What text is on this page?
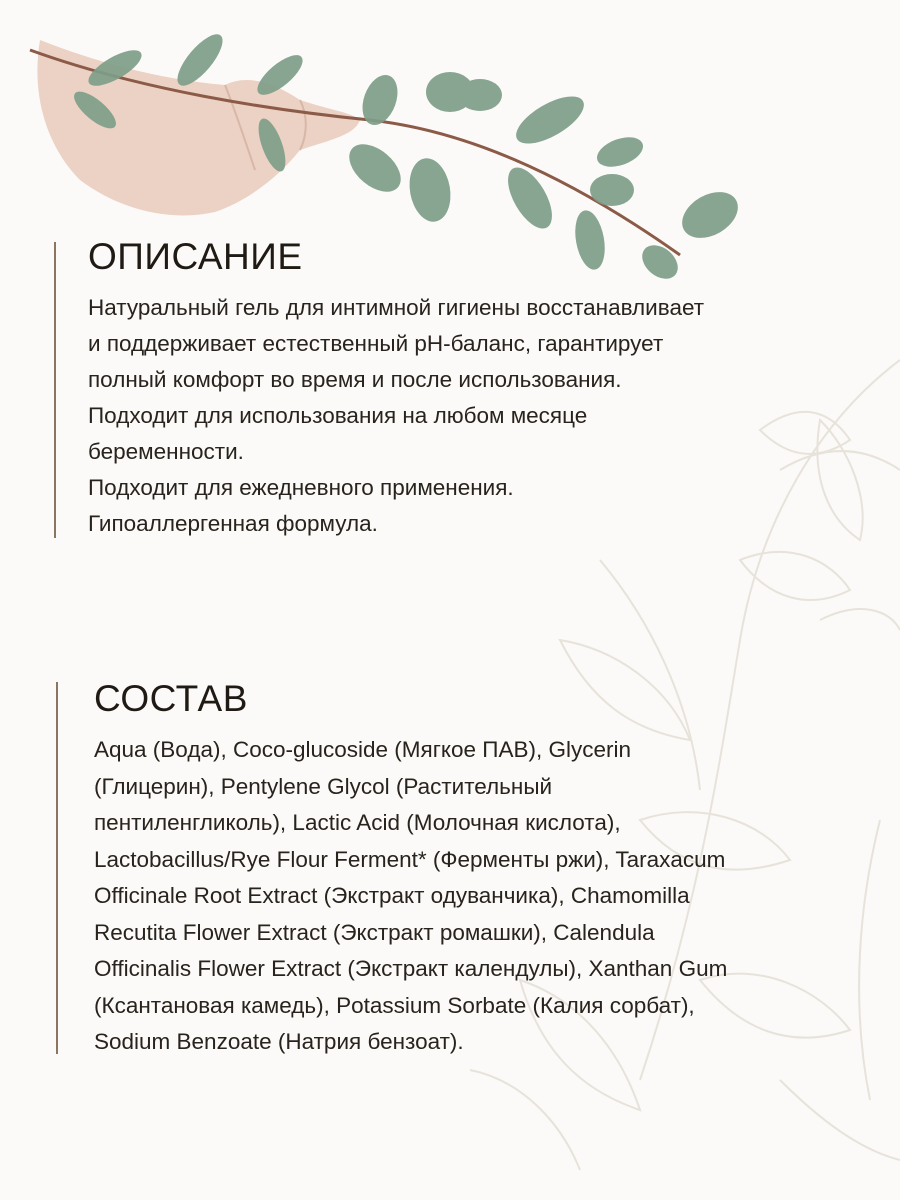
ОПИСАНИЕ

Натуральный гель для интимной гигиены восстанавливает

и поддерживает естественный pH-баланс, гарантирует

полный комфорт во время и после использования.

Подходит для использования на любом месяце

беременности.

Подходит для ежедневного применения.

Гипоаллергенная формула.

СОСТАВ

Aqua (Вода), Coco-glucoside (Мягкое ПАВ), Glycerin

(Глицерин), Pentylene Glycol (Растительный

пентиленгликоль), Lactic Acid (Молочная кислота),

Lactobacillus/Rye Flour Ferment* (Ферменты ржи), Taraxacum

Officinale Root Extract (Экстракт одуванчика), Chamomilla

Recutita Flower Extract (Экстракт ромашки), Calendula

Officinalis Flower Extract (Экстракт календулы), Xanthan Gum

(Ксантановая камедь), Potassium Sorbate (Калия сорбат),

Sodium Benzoate (Натрия бензоат).
